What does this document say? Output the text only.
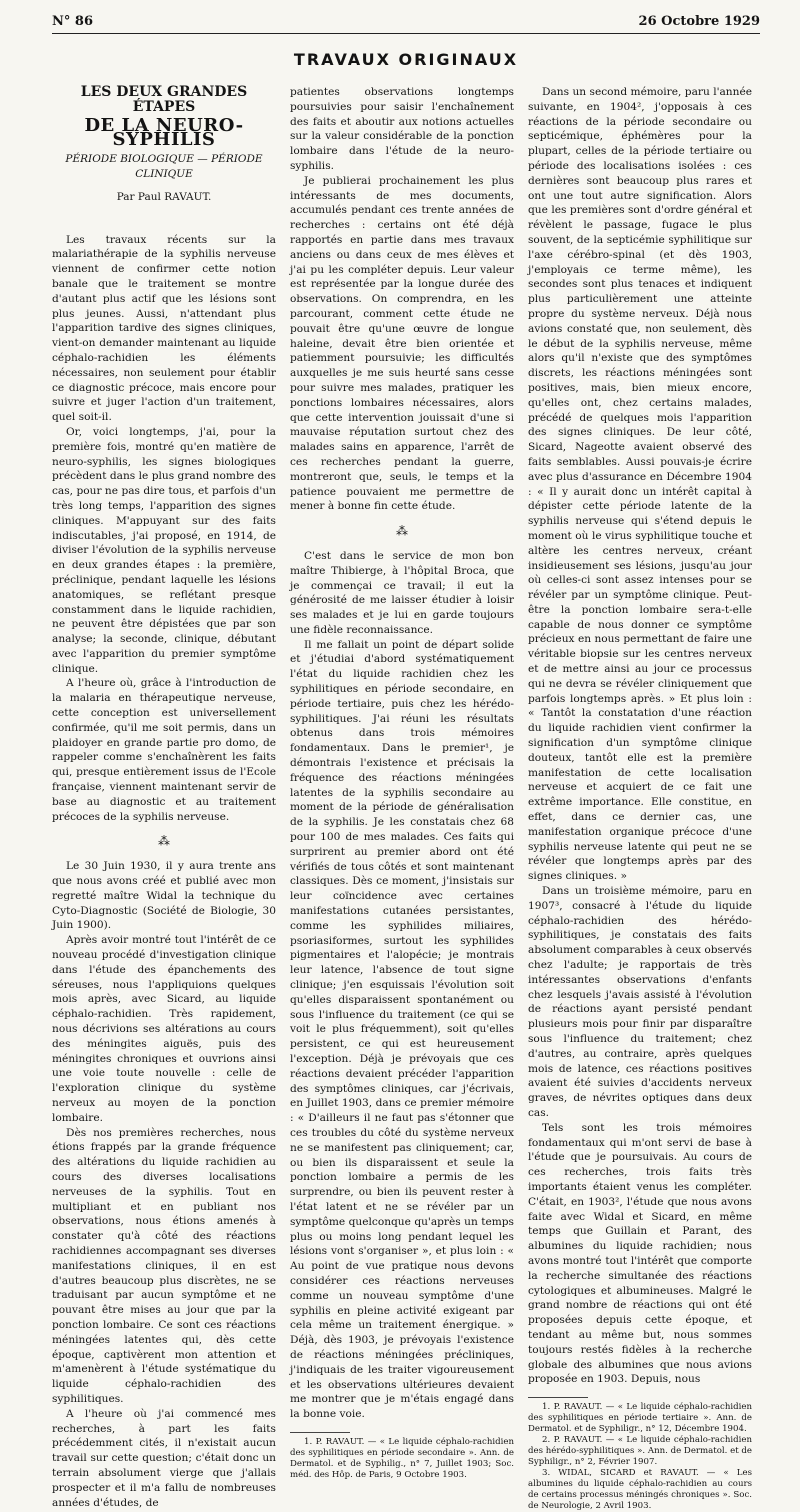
N° 86	26 Octobre 1929
TRAVAUX ORIGINAUX
LES DEUX GRANDES ÉTAPES
DE LA NEURO-SYPHILIS
PÉRIODE BIOLOGIQUE — PÉRIODE CLINIQUE
Par Paul RAVAUT.

Les travaux récents sur la malariathérapie de la syphilis nerveuse viennent de confirmer cette notion banale que le traitement se montre d'autant plus actif que les lésions sont plus jeunes. Aussi, n'attendant plus l'apparition tardive des signes cliniques, vient-on demander maintenant au liquide céphalo-rachidien les éléments nécessaires, non seulement pour établir ce diagnostic précoce, mais encore pour suivre et juger l'action d'un traitement, quel soit-il.

Or, voici longtemps, j'ai, pour la première fois, montré qu'en matière de neuro-syphilis, les signes biologiques précèdent dans le plus grand nombre des cas, pour ne pas dire tous, et parfois d'un très long temps, l'apparition des signes cliniques. M'appuyant sur des faits indiscutables, j'ai proposé, en 1914, de diviser l'évolution de la syphilis nerveuse en deux grandes étapes : la première, préclinique, pendant laquelle les lésions anatomiques, se reflétant presque constamment dans le liquide rachidien, ne peuvent être dépistées que par son analyse; la seconde, clinique, débutant avec l'apparition du premier symptôme clinique.

A l'heure où, grâce à l'introduction de la malaria en thérapeutique nerveuse, cette conception est universellement confirmée, qu'il me soit permis, dans un plaidoyer en grande partie pro domo, de rappeler comme s'enchaînèrent les faits qui, presque entièrement issus de l'Ecole française, viennent maintenant servir de base au diagnostic et au traitement précoces de la syphilis nerveuse.

⁂

Le 30 Juin 1930, il y aura trente ans que nous avons créé et publié avec mon regretté maître Widal la technique du Cyto-Diagnostic (Société de Biologie, 30 Juin 1900).

Après avoir montré tout l'intérêt de ce nouveau procédé d'investigation clinique dans l'étude des épanchements des séreuses, nous l'appliquions quelques mois après, avec Sicard, au liquide céphalo-rachidien. Très rapidement, nous décrivions ses altérations au cours des méningites aiguës, puis des méningites chroniques et ouvrions ainsi une voie toute nouvelle : celle de l'exploration clinique du système nerveux au moyen de la ponction lombaire.

Dès nos premières recherches, nous étions frappés par la grande fréquence des altérations du liquide rachidien au cours des diverses localisations nerveuses de la syphilis. Tout en multipliant et en publiant nos observations, nous étions amenés à constater qu'à côté des réactions rachidiennes accompagnant ses diverses manifestations cliniques, il en est d'autres beaucoup plus discrètes, ne se traduisant par aucun symptôme et ne pouvant être mises au jour que par la ponction lombaire. Ce sont ces réactions méningées latentes qui, dès cette époque, captivèrent mon attention et m'amenèrent à l'étude systématique du liquide céphalo-rachidien des syphilitiques.

A l'heure où j'ai commencé mes recherches, à part les faits précédemment cités, il n'existait aucun travail sur cette question; c'était donc un terrain absolument vierge que j'allais prospecter et il m'a fallu de nombreuses années d'études, de

patientes observations longtemps poursuivies pour saisir l'enchaînement des faits et aboutir aux notions actuelles sur la valeur considérable de la ponction lombaire dans l'étude de la neuro-syphilis.

Je publierai prochainement les plus intéressants de mes documents, accumulés pendant ces trente années de recherches : certains ont été déjà rapportés en partie dans mes travaux anciens ou dans ceux de mes élèves et j'ai pu les compléter depuis. Leur valeur est représentée par la longue durée des observations. On comprendra, en les parcourant, comment cette étude ne pouvait être qu'une œuvre de longue haleine, devait être bien orientée et patiemment poursuivie; les difficultés auxquelles je me suis heurté sans cesse pour suivre mes malades, pratiquer les ponctions lombaires nécessaires, alors que cette intervention jouissait d'une si mauvaise réputation surtout chez des malades sains en apparence, l'arrêt de ces recherches pendant la guerre, montreront que, seuls, le temps et la patience pouvaient me permettre de mener à bonne fin cette étude.

⁂

C'est dans le service de mon bon maître Thibierge, à l'hôpital Broca, que je commençai ce travail; il eut la générosité de me laisser étudier à loisir ses malades et je lui en garde toujours une fidèle reconnaissance.

Il me fallait un point de départ solide et j'étudiai d'abord systématiquement l'état du liquide rachidien chez les syphilitiques en période secondaire, en période tertiaire, puis chez les hérédo-syphilitiques. J'ai réuni les résultats obtenus dans trois mémoires fondamentaux. Dans le premier¹, je démontrais l'existence et précisais la fréquence des réactions méningées latentes de la syphilis secondaire au moment de la période de généralisation de la syphilis. Je les constatais chez 68 pour 100 de mes malades. Ces faits qui surprirent au premier abord ont été vérifiés de tous côtés et sont maintenant classiques. Dès ce moment, j'insistais sur leur coïncidence avec certaines manifestations cutanées persistantes, comme les syphilides miliaires, psoriasiformes, surtout les syphilides pigmentaires et l'alopécie; je montrais leur latence, l'absence de tout signe clinique; j'en esquissais l'évolution soit qu'elles disparaissent spontanément ou sous l'influence du traitement (ce qui se voit le plus fréquemment), soit qu'elles persistent, ce qui est heureusement l'exception. Déjà je prévoyais que ces réactions devaient précéder l'apparition des symptômes cliniques, car j'écrivais, en Juillet 1903, dans ce premier mémoire : « D'ailleurs il ne faut pas s'étonner que ces troubles du côté du système nerveux ne se manifestent pas cliniquement; car, ou bien ils disparaissent et seule la ponction lombaire a permis de les surprendre, ou bien ils peuvent rester à l'état latent et ne se révéler par un symptôme quelconque qu'après un temps plus ou moins long pendant lequel les lésions vont s'organiser », et plus loin : « Au point de vue pratique nous devons considérer ces réactions nerveuses comme un nouveau symptôme d'une syphilis en pleine activité exigeant par cela même un traitement énergique. » Déjà, dès 1903, je prévoyais l'existence de réactions méningées précliniques, j'indiquais de les traiter vigoureusement et les observations ultérieures devaient me montrer que je m'étais engagé dans la bonne voie.

1. P. RAVAUT. — « Le liquide céphalo-rachidien des syphilitiques en période secondaire ». Ann. de Dermatol. et de Syphilig., n° 7, Juillet 1903; Soc. méd. des Hôp. de Paris, 9 Octobre 1903.

Dans un second mémoire, paru l'année suivante, en 1904², j'opposais à ces réactions de la période secondaire ou septicémique, éphémères pour la plupart, celles de la période tertiaire ou période des localisations isolées : ces dernières sont beaucoup plus rares et ont une tout autre signification. Alors que les premières sont d'ordre général et révèlent le passage, fugace le plus souvent, de la septicémie syphilitique sur l'axe cérébro-spinal (et dès 1903, j'employais ce terme même), les secondes sont plus tenaces et indiquent plus particulièrement une atteinte propre du système nerveux. Déjà nous avions constaté que, non seulement, dès le début de la syphilis nerveuse, même alors qu'il n'existe que des symptômes discrets, les réactions méningées sont positives, mais, bien mieux encore, qu'elles ont, chez certains malades, précédé de quelques mois l'apparition des signes cliniques. De leur côté, Sicard, Nageotte avaient observé des faits semblables. Aussi pouvais-je écrire avec plus d'assurance en Décembre 1904 : « Il y aurait donc un intérêt capital à dépister cette période latente de la syphilis nerveuse qui s'étend depuis le moment où le virus syphilitique touche et altère les centres nerveux, créant insidieusement ses lésions, jusqu'au jour où celles-ci sont assez intenses pour se révéler par un symptôme clinique. Peut-être la ponction lombaire sera-t-elle capable de nous donner ce symptôme précieux en nous permettant de faire une véritable biopsie sur les centres nerveux et de mettre ainsi au jour ce processus qui ne devra se révéler cliniquement que parfois longtemps après. » Et plus loin : « Tantôt la constatation d'une réaction du liquide rachidien vient confirmer la signification d'un symptôme clinique douteux, tantôt elle est la première manifestation de cette localisation nerveuse et acquiert de ce fait une extrême importance. Elle constitue, en effet, dans ce dernier cas, une manifestation organique précoce d'une syphilis nerveuse latente qui peut ne se révéler que longtemps après par des signes cliniques. »

Dans un troisième mémoire, paru en 1907³, consacré à l'étude du liquide céphalo-rachidien des hérédo-syphilitiques, je constatais des faits absolument comparables à ceux observés chez l'adulte; je rapportais de très intéressantes observations d'enfants chez lesquels j'avais assisté à l'évolution de réactions ayant persisté pendant plusieurs mois pour finir par disparaître sous l'influence du traitement; chez d'autres, au contraire, après quelques mois de latence, ces réactions positives avaient été suivies d'accidents nerveux graves, de névrites optiques dans deux cas.

Tels sont les trois mémoires fondamentaux qui m'ont servi de base à l'étude que je poursuivais. Au cours de ces recherches, trois faits très importants étaient venus les compléter. C'était, en 1903², l'étude que nous avons faite avec Widal et Sicard, en même temps que Guillain et Parant, des albumines du liquide rachidien; nous avons montré tout l'intérêt que comporte la recherche simultanée des réactions cytologiques et albumineuses. Malgré le grand nombre de réactions qui ont été proposées depuis cette époque, et tendant au même but, nous sommes toujours restés fidèles à la recherche globale des albumines que nous avions proposée en 1903. Depuis, nous

1. P. RAVAUT. — « Le liquide céphalo-rachidien des syphilitiques en période tertiaire ». Ann. de Dermatol. et de Syphiligr., n° 12, Décembre 1904.

2. P. RAVAUT. — « Le liquide céphalo-rachidien des hérédo-syphilitiques ». Ann. de Dermatol. et de Syphiligr., n° 2, Février 1907.

3. WIDAL, SICARD et RAVAUT. — « Les albumines du liquide céphalo-rachidien au cours de certains processus méningés chroniques ». Soc. de Neurologie, 2 Avril 1903.
